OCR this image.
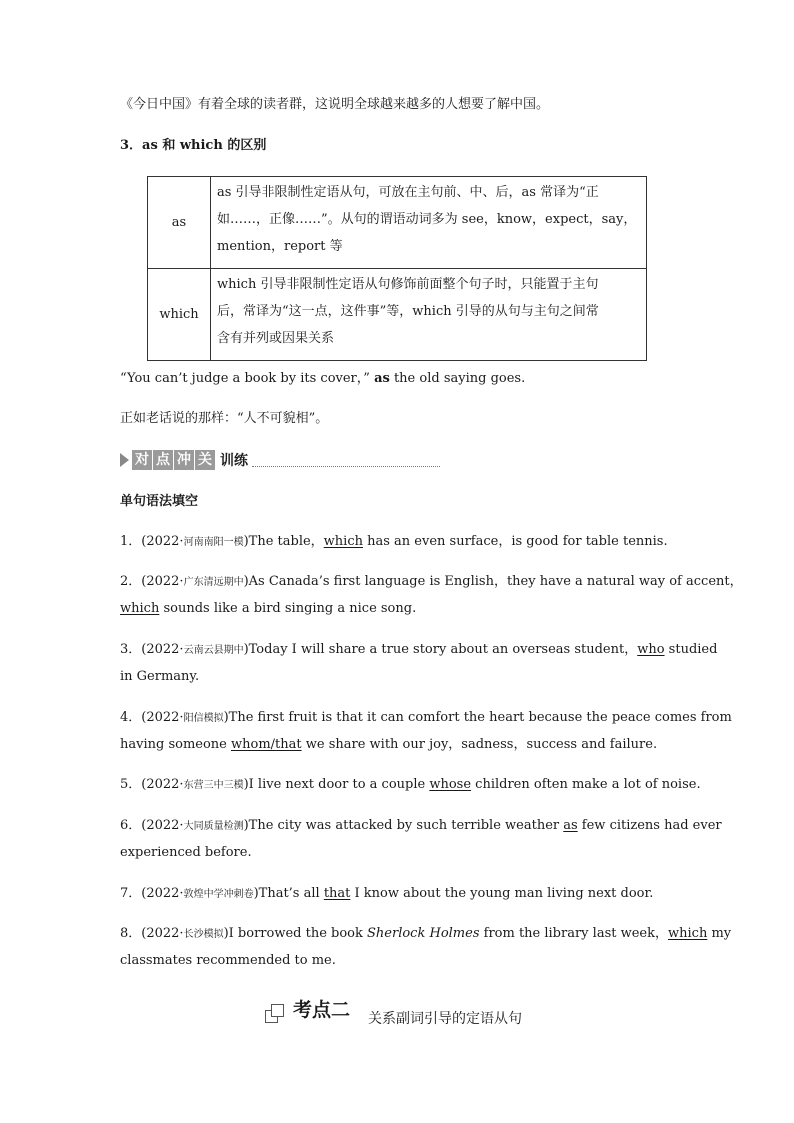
《今日中国》有着全球的读者群，这说明全球越来越多的人想要了解中国。
3．as 和 which 的区别
as	as 引导非限制性定语从句，可放在主句前、中、后，as 常译为“正
如……，正像……”。从句的谓语动词多为 see，know，expect，say，
mention，report 等

which	which 引导非限制性定语从句修饰前面整个句子时，只能置于主句
后，常译为“这一点，这件事”等，which 引导的从句与主句之间常
含有并列或因果关系
“You can’t judge a book by its cover，” as the old saying goes.
正如老话说的那样：“人不可貌相”。
对 点 冲 关 训练
单句语法填空
1．(2022·河南南阳一模)The table，which has an even surface，is good for table tennis.
2．(2022·广东清远期中)As Canada’s first language is English，they have a natural way of accent，
which sounds like a bird singing a nice song.
3．(2022·云南云县期中)Today I will share a true story about an overseas student，who studied
in Germany.
4．(2022·阳信模拟)The first fruit is that it can comfort the heart because the peace comes from
having someone whom/that we share with our joy，sadness，success and failure.
5．(2022·东营三中三模)I live next door to a couple whose children often make a lot of noise.
6．(2022·大同质量检测)The city was attacked by such terrible weather as few citizens had ever
experienced before.
7．(2022·敦煌中学冲刺卷)That’s all that I know about the young man living next door.
8．(2022·长沙模拟)I borrowed the book Sherlock Holmes from the library last week，which my
classmates recommended to me.
考点二 关系副词引导的定语从句
